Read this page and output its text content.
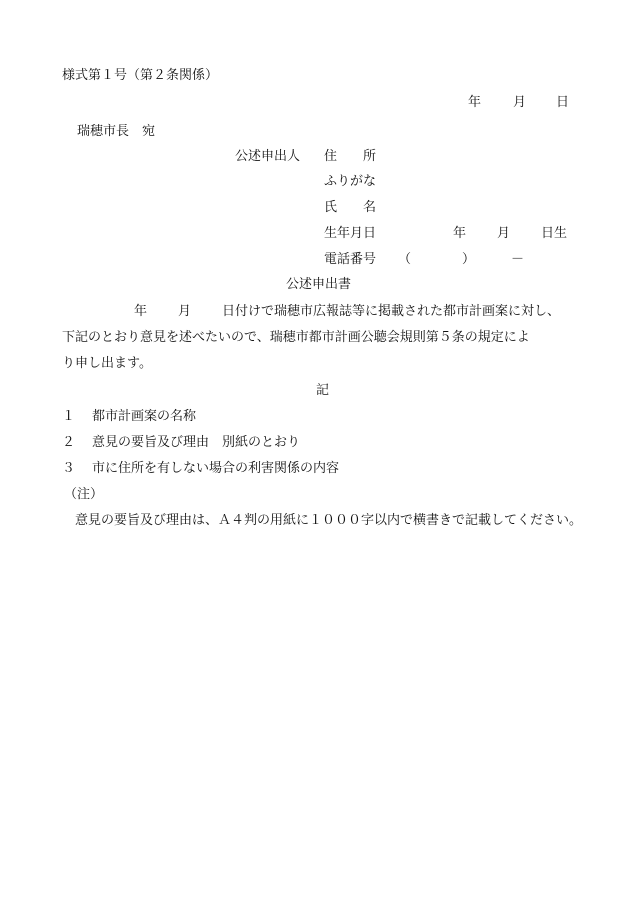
様式第１号（第２条関係）
年 月 日
瑞穂市長　宛
公述申出人 住　　所
ふりがな
氏　　名
生年月日	年 月 日生
電話番号 （	）	－
公述申出書
年 月 日付けで瑞穂市広報誌等に掲載された都市計画案に対し、
下記のとおり意見を述べたいので、瑞穂市都市計画公聴会規則第５条の規定によ
り申し出ます。
記
１ 都市計画案の名称
２ 意見の要旨及び理由　別紙のとおり
３ 市に住所を有しない場合の利害関係の内容
（注）
　意見の要旨及び理由は、Ａ４判の用紙に１０００字以内で横書きで記載してください。
